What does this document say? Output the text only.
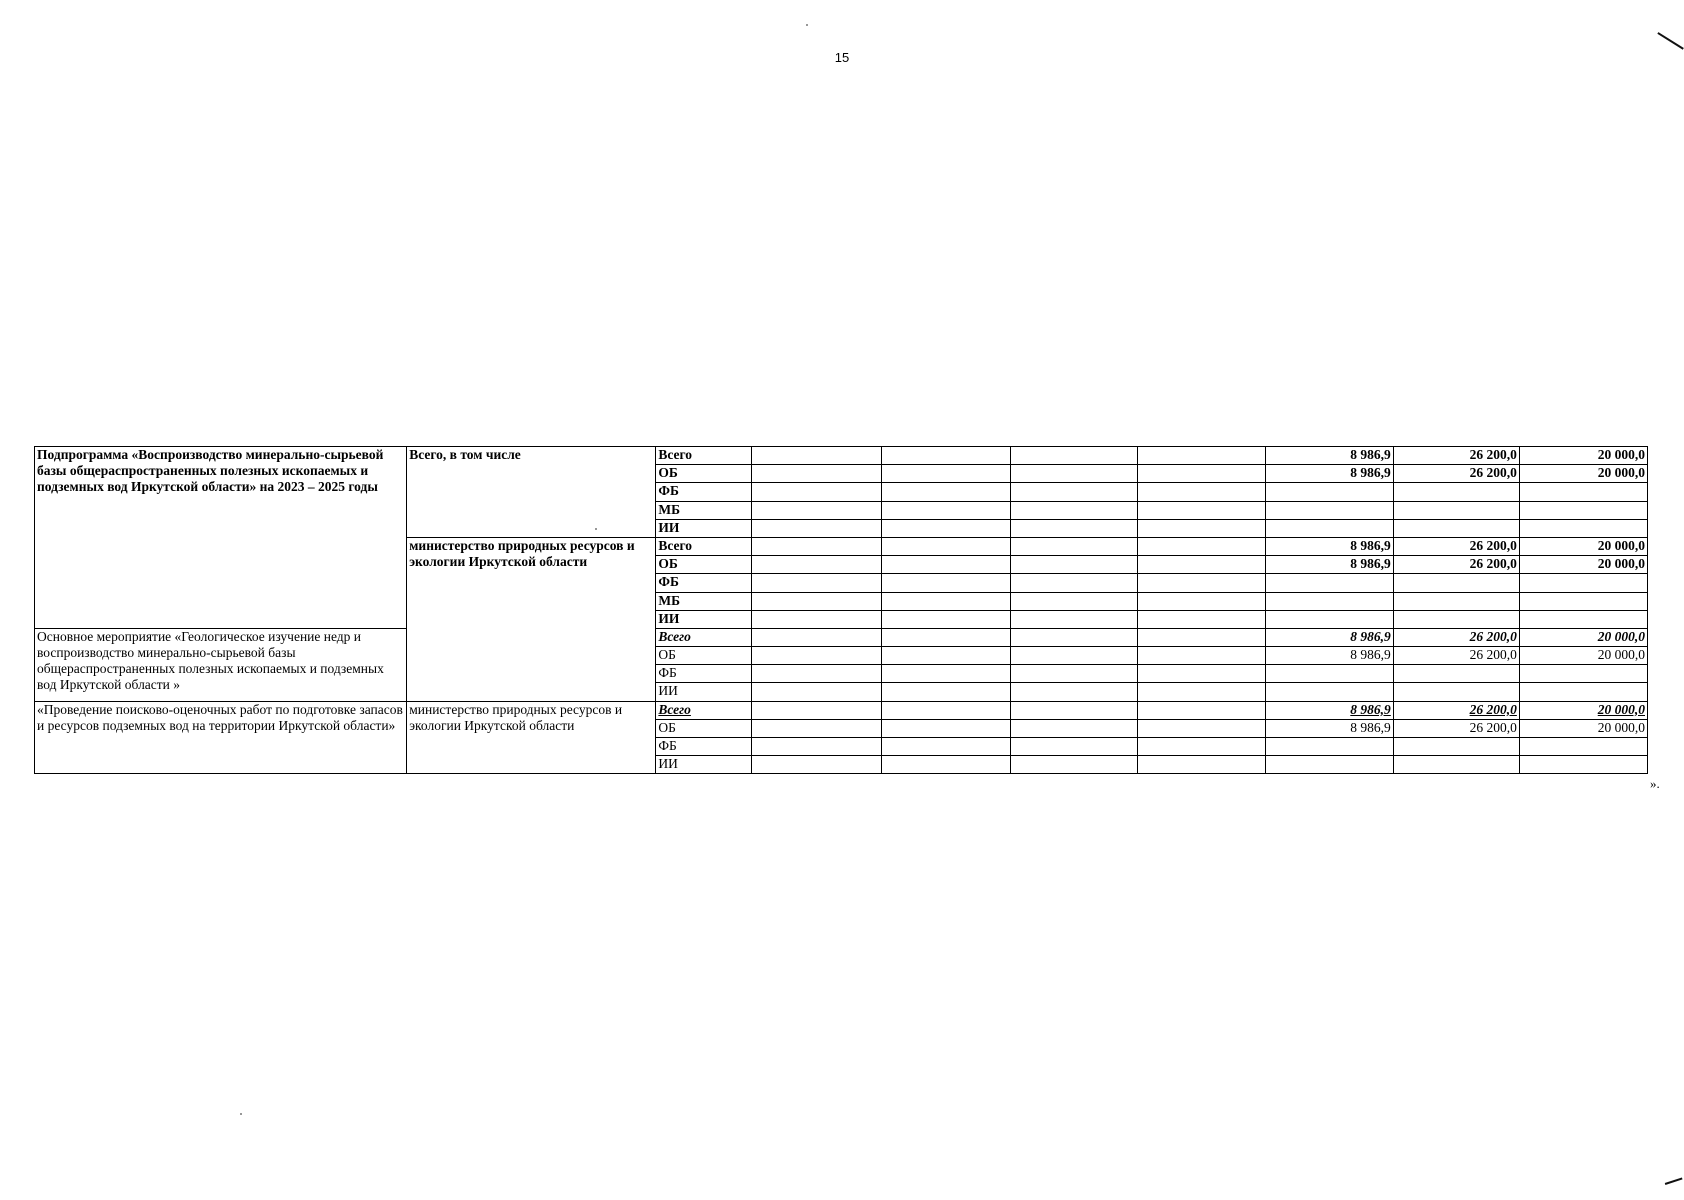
15
Подпрограмма «Воспроизводство минерально-сырьевой базы общераспространенных полезных ископаемых и подземных вод Иркутской области» на 2023 – 2025 годы	Всего, в том числе	Всего					8 986,9	26 200,0	20 000,0
		ОБ					8 986,9	26 200,0	20 000,0
		ФБ							
		МБ							
		ИИ							
	министерство природных ресурсов и экологии Иркутской области	Всего					8 986,9	26 200,0	20 000,0
		ОБ					8 986,9	26 200,0	20 000,0
		ФБ							
		МБ							
		ИИ							
Основное мероприятие «Геологическое изучение недр и воспроизводство минерально-сырьевой базы общераспространенных полезных ископаемых и подземных вод Иркутской области »		Всего					8 986,9	26 200,0	20 000,0
		ОБ					8 986,9	26 200,0	20 000,0
		ФБ							
		ИИ							
«Проведение поисково-оценочных работ по подготовке запасов и ресурсов подземных вод на территории Иркутской области»	министерство природных ресурсов и экологии Иркутской области	Всего					8 986,9	26 200,0	20 000,0
		ОБ					8 986,9	26 200,0	20 000,0
		ФБ							
		ИИ							
».
